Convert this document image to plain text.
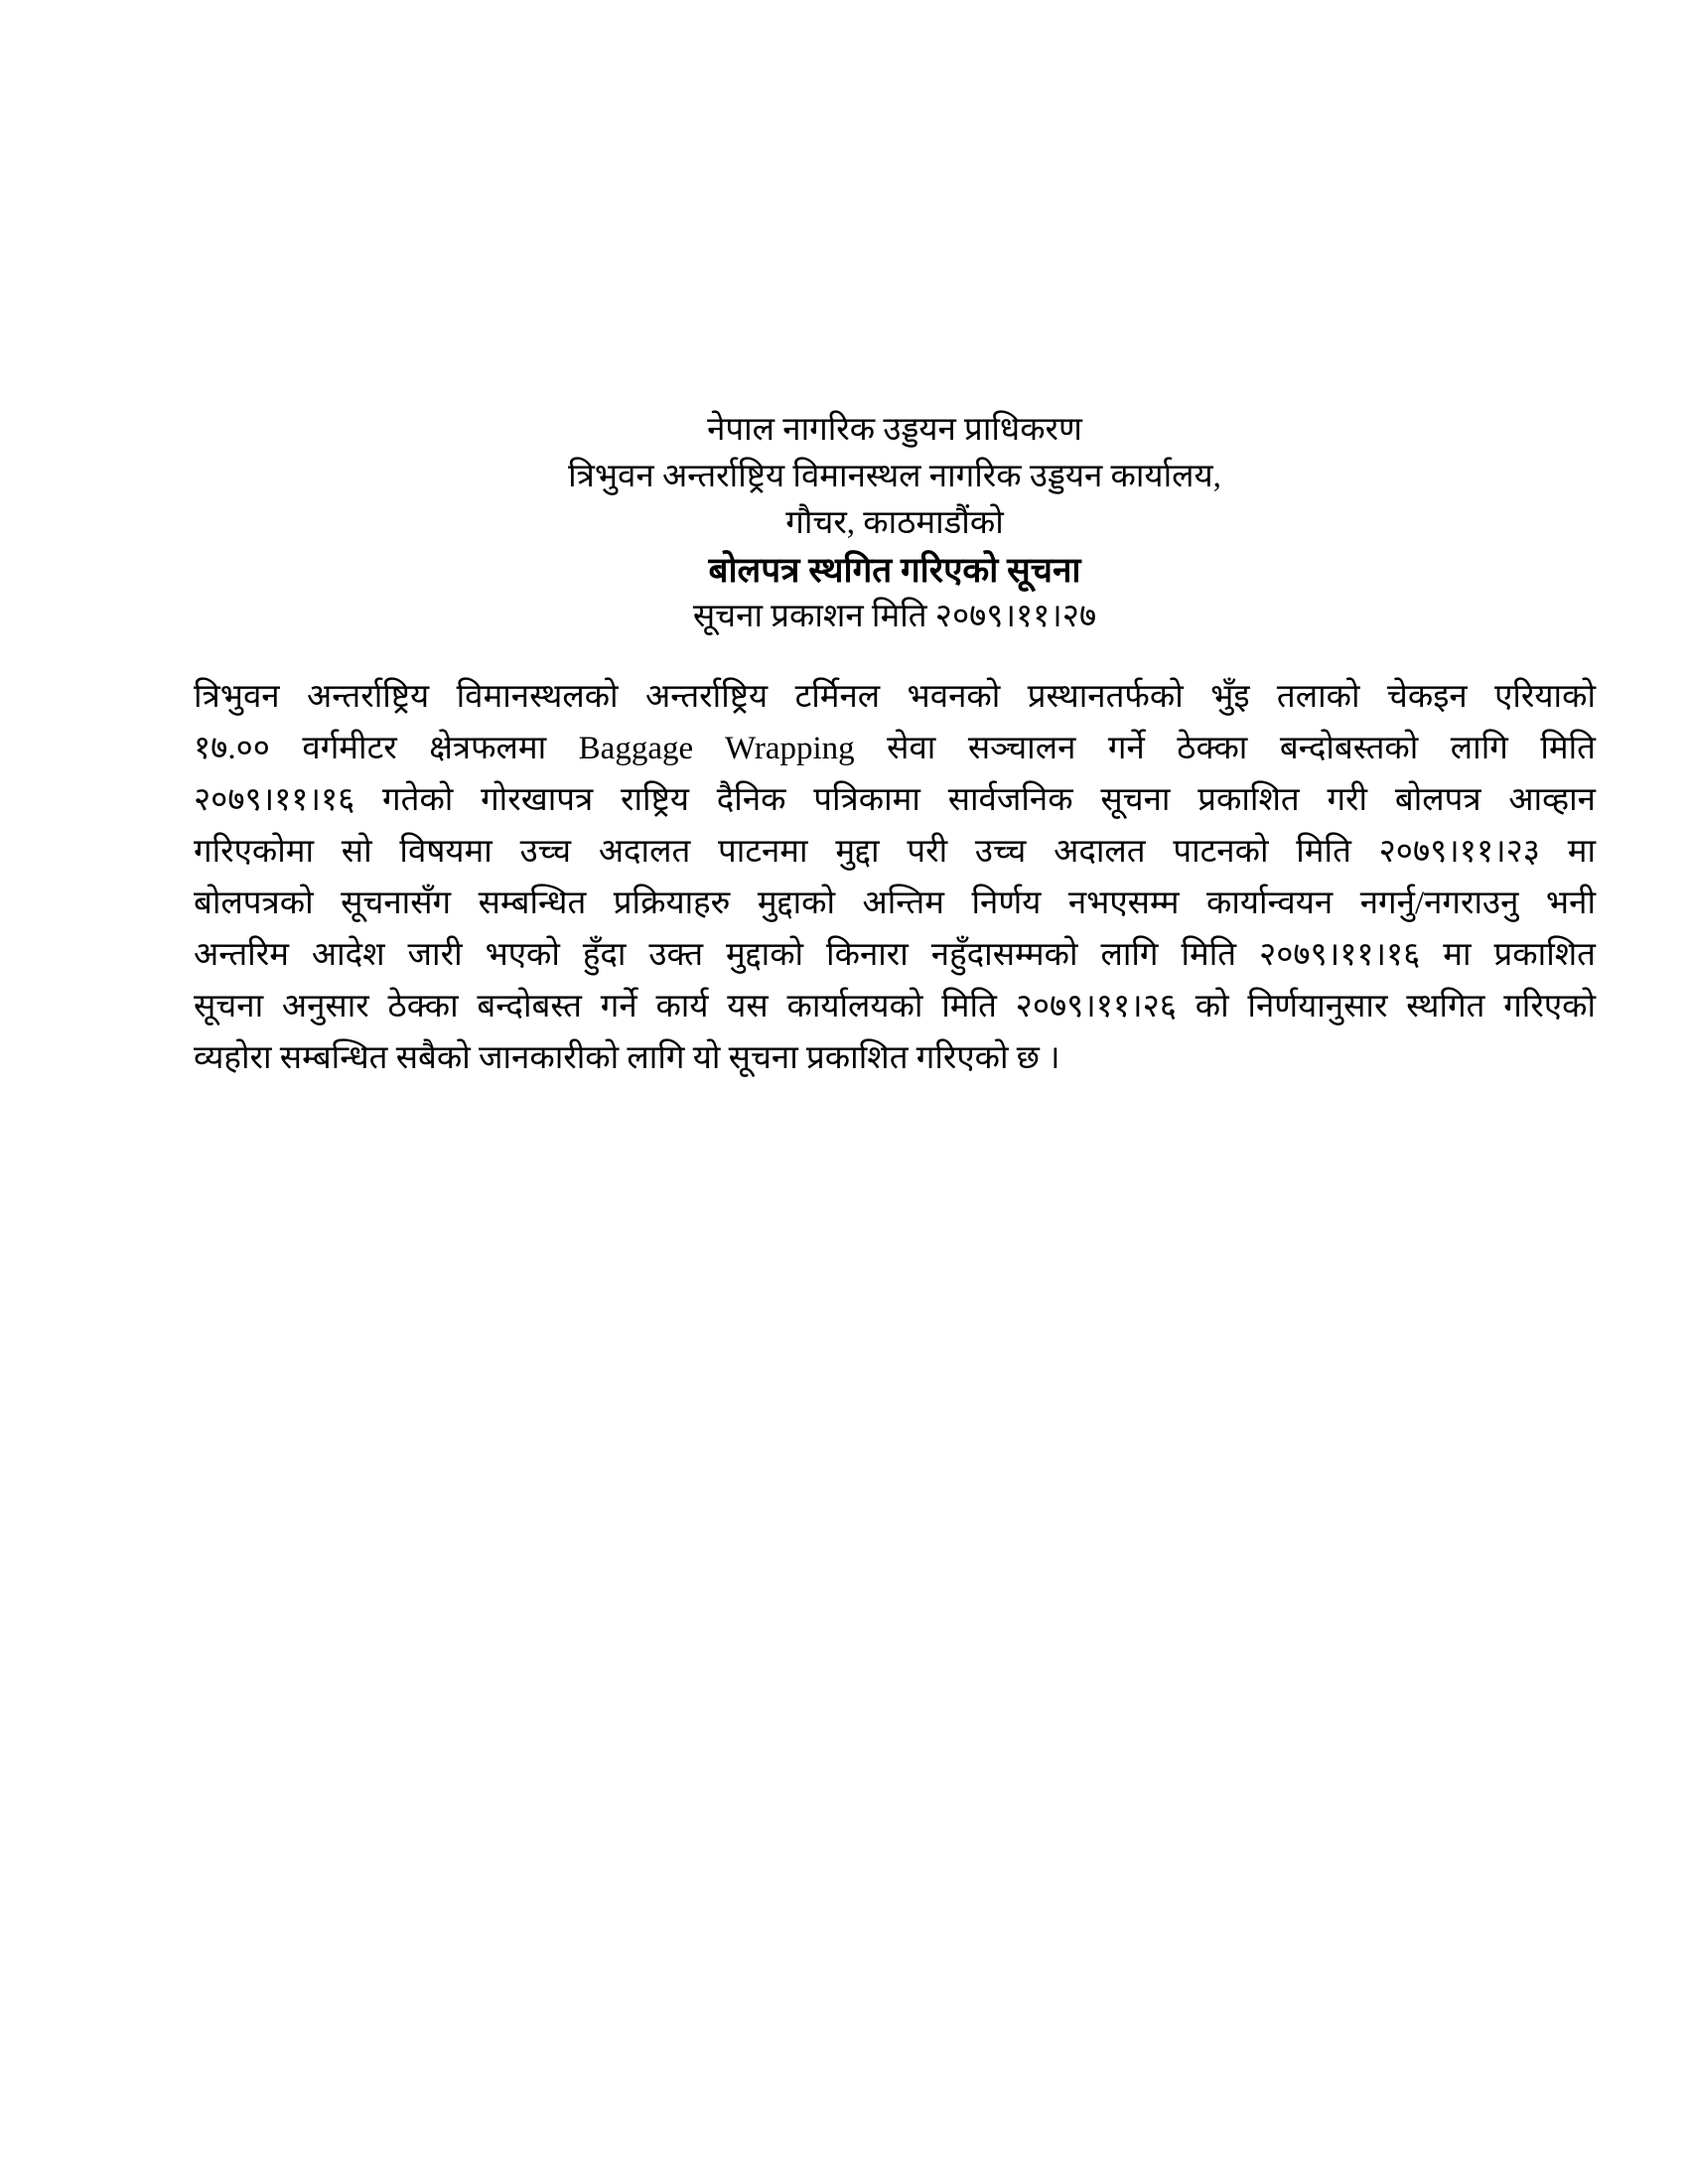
नेपाल नागरिक उड्डयन प्राधिकरण
त्रिभुवन अन्तर्राष्ट्रिय विमानस्थल नागरिक उड्डयन कार्यालय,
गौचर, काठमाडौंको
बोलपत्र स्थगित गरिएको सूचना
सूचना प्रकाशन मिति २०७९।११।२७
त्रिभुवन अन्तर्राष्ट्रिय विमानस्थलको अन्तर्राष्ट्रिय टर्मिनल भवनको प्रस्थानतर्फको भुँइ तलाको चेकइन एरियाको
१७.०० वर्गमीटर क्षेत्रफलमा Baggage Wrapping सेवा सञ्चालन गर्ने ठेक्का बन्दोबस्तको लागि मिति
२०७९।११।१६ गतेको गोरखापत्र राष्ट्रिय दैनिक पत्रिकामा सार्वजनिक सूचना प्रकाशित गरी बोलपत्र आव्हान
गरिएकोमा सो विषयमा उच्च अदालत पाटनमा मुद्दा परी उच्च अदालत पाटनको मिति २०७९।११।२३ मा
बोलपत्रको सूचनासँग सम्बन्धित प्रक्रियाहरु मुद्दाको अन्तिम निर्णय नभएसम्म कार्यान्वयन नगर्नु/नगराउनु भनी
अन्तरिम आदेश जारी भएको हुँदा उक्त मुद्दाको किनारा नहुँदासम्मको लागि मिति २०७९।११।१६ मा प्रकाशित
सूचना अनुसार ठेक्का बन्दोबस्त गर्ने कार्य यस कार्यालयको मिति २०७९।११।२६ को निर्णयानुसार स्थगित गरिएको
व्यहोरा सम्बन्धित सबैको जानकारीको लागि यो सूचना प्रकाशित गरिएको छ ।
